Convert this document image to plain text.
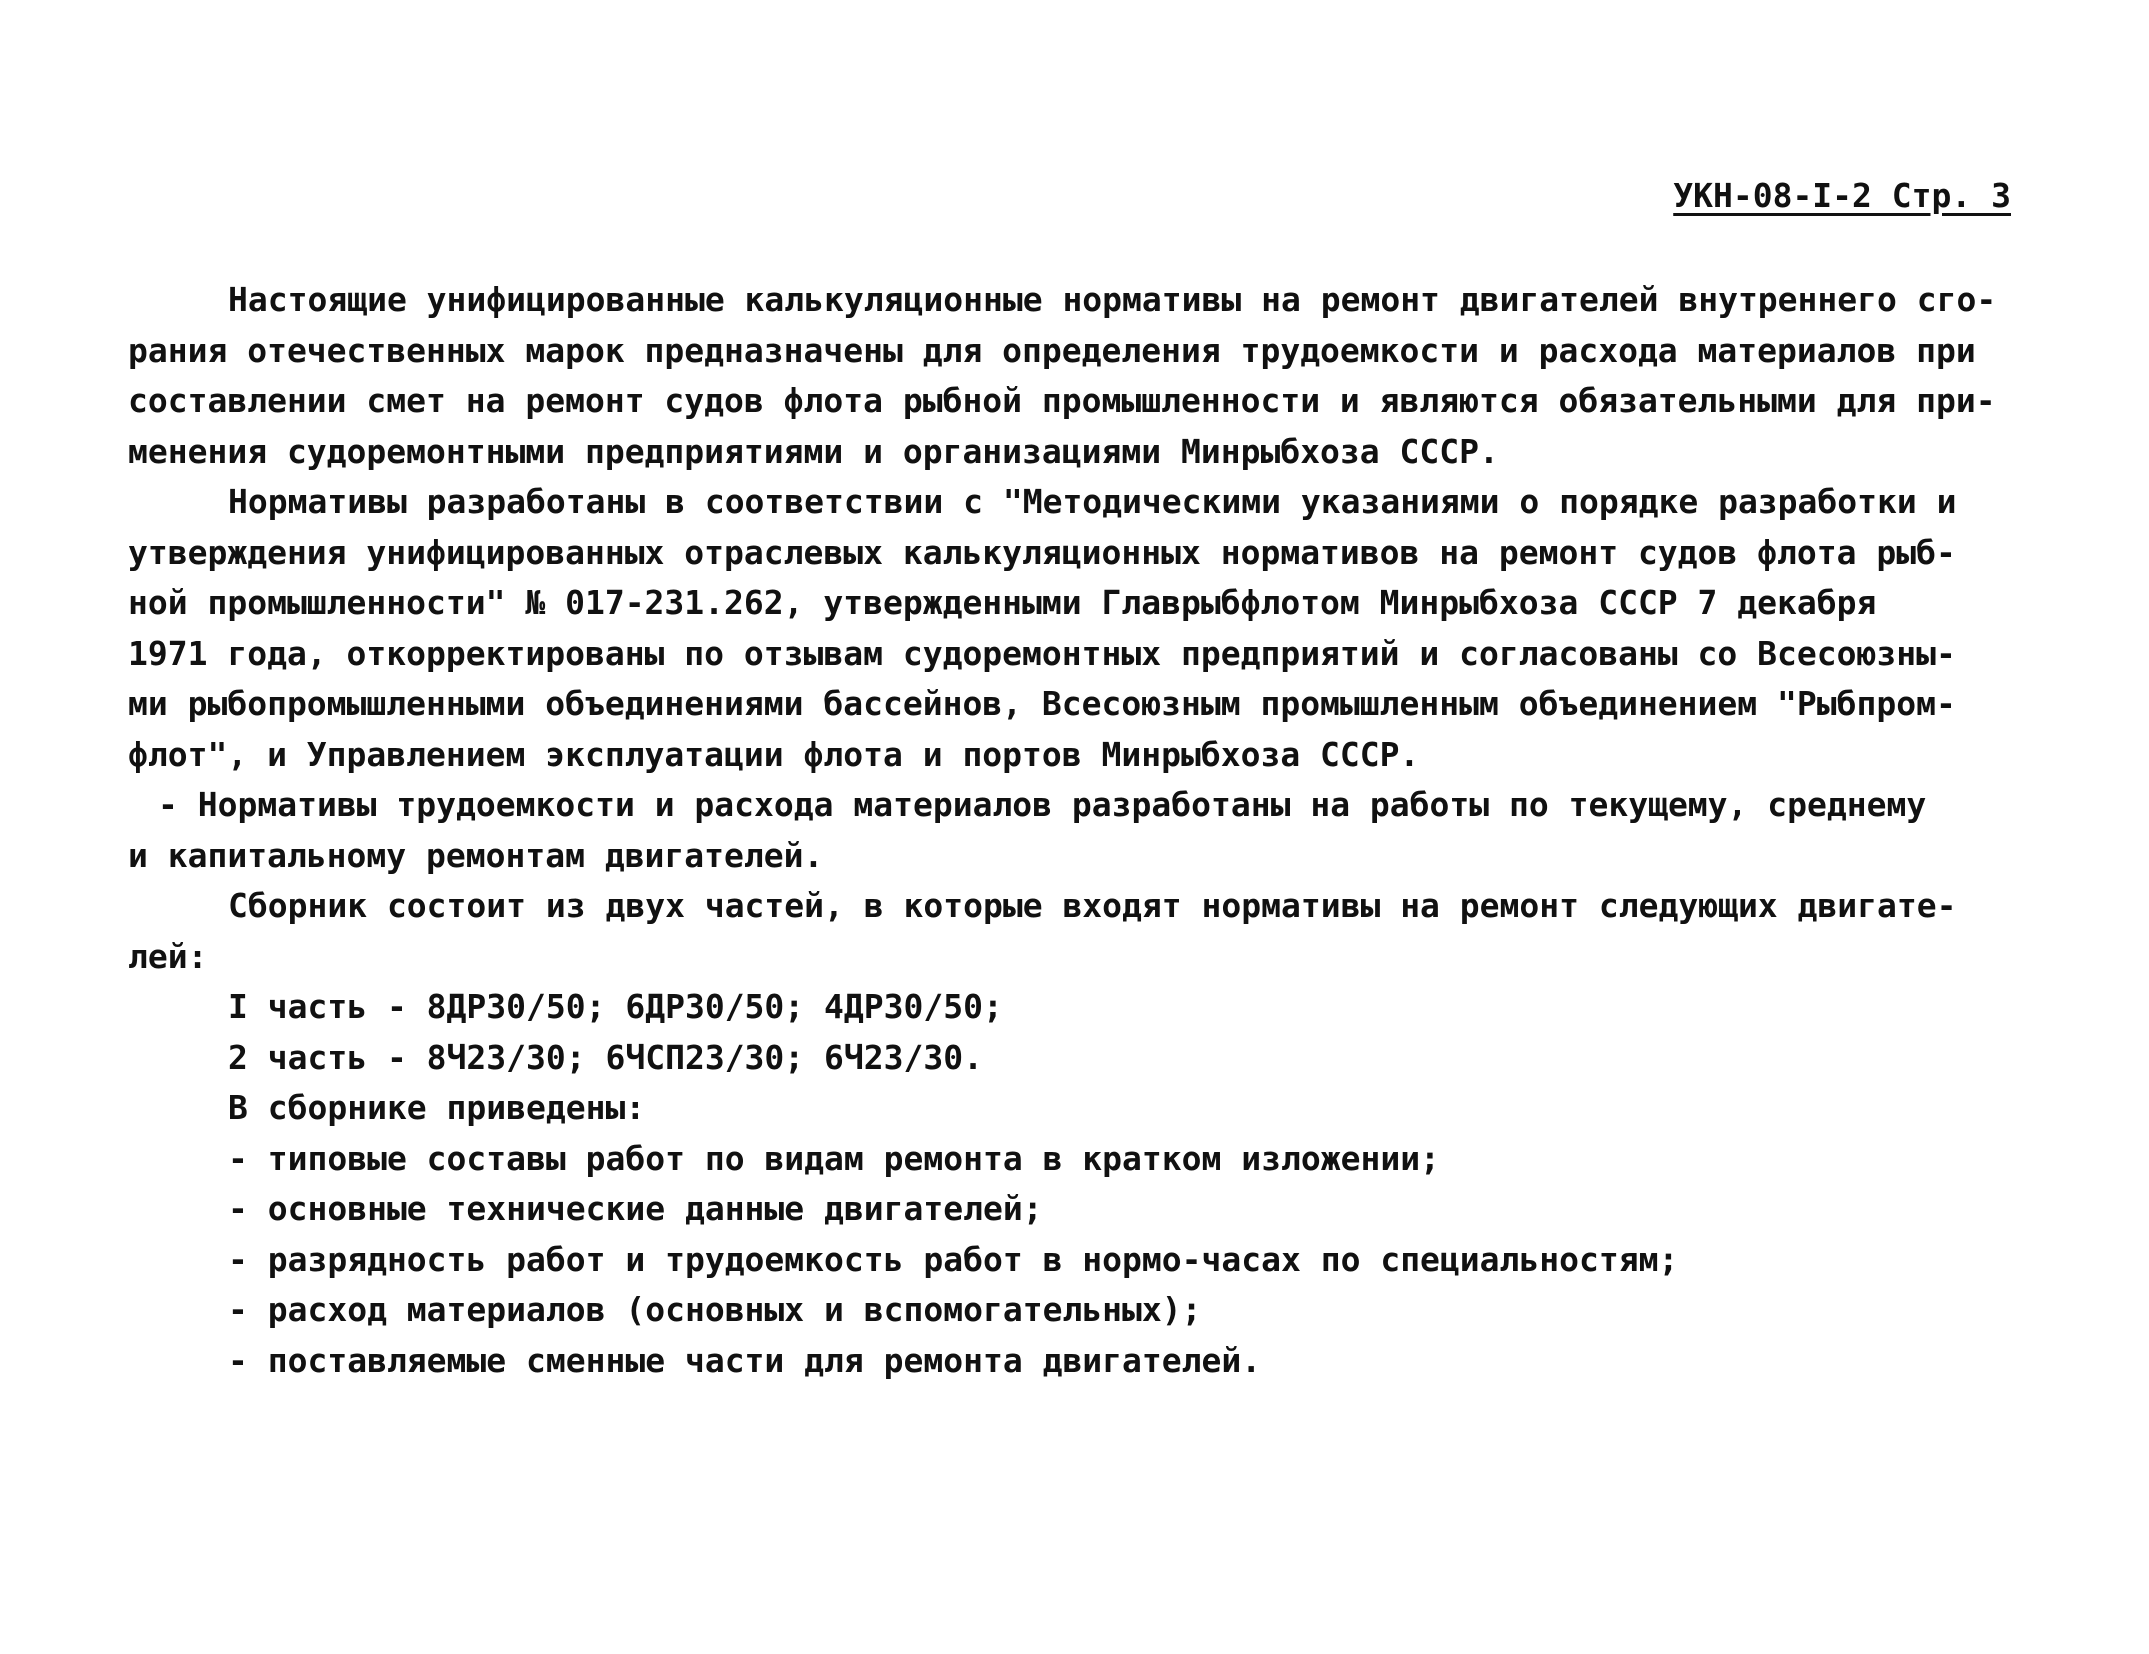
УКН-08-I-2 Стр. 3
Настоящие унифицированные калькуляционные нормативы на ремонт двигателей внутреннего сго-
рания отечественных марок предназначены для определения трудоемкости и расхода материалов при
составлении смет на ремонт судов флота рыбной промышленности и являются обязательными для при-
менения судоремонтными предприятиями и организациями Минрыбхоза СССР.
Нормативы разработаны в соответствии с "Методическими указаниями о порядке разработки и
утверждения унифицированных отраслевых калькуляционных нормативов на ремонт судов флота рыб-
ной промышленности" № 017-231.262, утвержденными Главрыбфлотом Минрыбхоза СССР 7 декабря
1971 года, откорректированы по отзывам судоремонтных предприятий и согласованы со Всесоюзны-
ми рыбопромышленными объединениями бассейнов, Всесоюзным промышленным объединением "Рыбпром-
флот", и Управлением эксплуатации флота и портов Минрыбхоза СССР.
- Нормативы трудоемкости и расхода материалов разработаны на работы по текущему, среднему
и капитальному ремонтам двигателей.
Сборник состоит из двух частей, в которые входят нормативы на ремонт следующих двигате-
лей:
I часть - 8ДР30/50; 6ДР30/50; 4ДР30/50;
2 часть - 8Ч23/30; 6ЧСП23/30; 6Ч23/30.
В сборнике приведены:
- типовые составы работ по видам ремонта в кратком изложении;
- основные технические данные двигателей;
- разрядность работ и трудоемкость работ в нормо-часах по специальностям;
- расход материалов (основных и вспомогательных);
- поставляемые сменные части для ремонта двигателей.
